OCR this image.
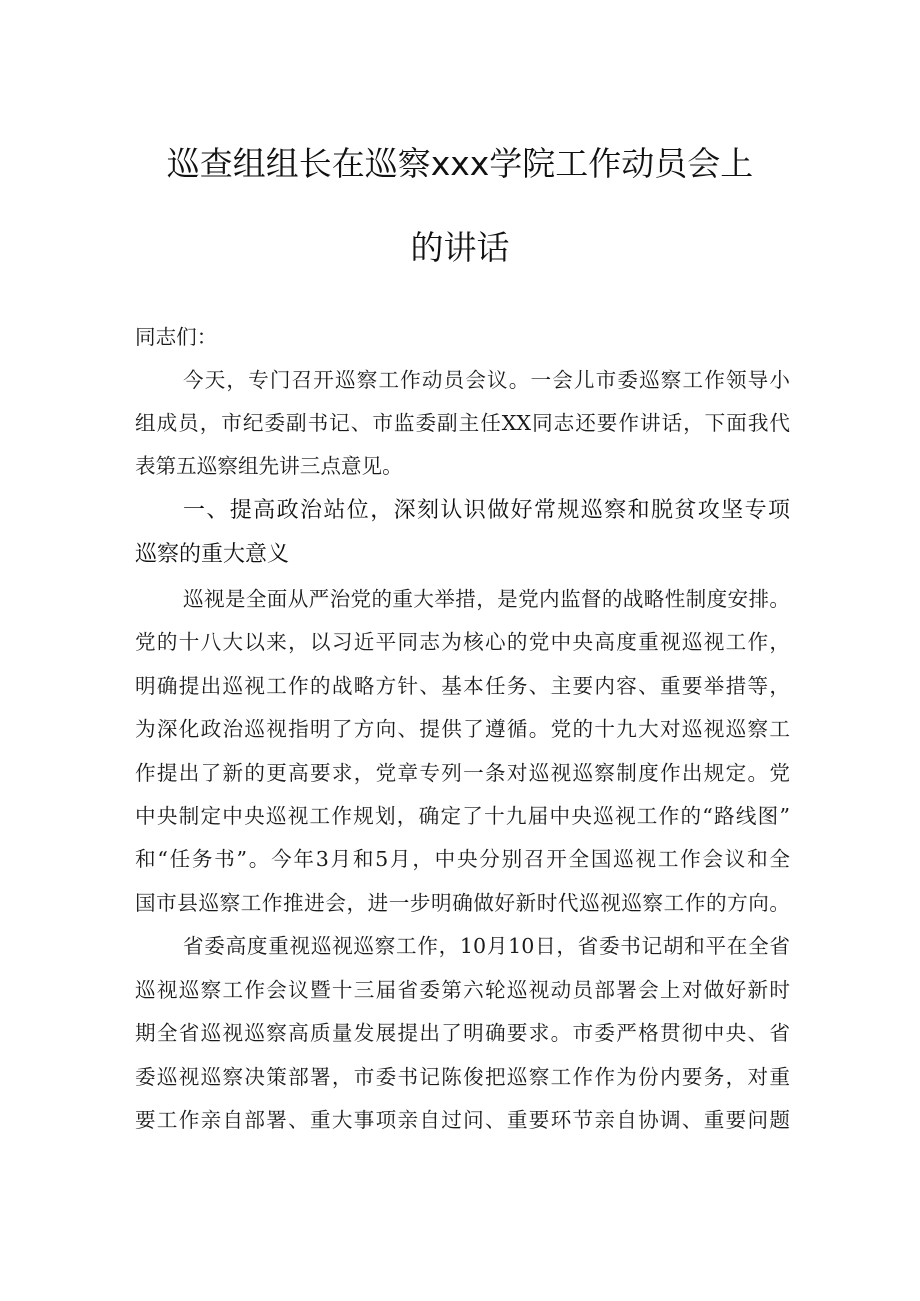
巡查组组长在巡察xxx学院工作动员会上
的讲话
同志们：
今天，专门召开巡察工作动员会议。一会儿市委巡察工作领导小
组成员，市纪委副书记、市监委副主任XX同志还要作讲话，下面我代
表第五巡察组先讲三点意见。
一、提高政治站位，深刻认识做好常规巡察和脱贫攻坚专项
巡察的重大意义
巡视是全面从严治党的重大举措，是党内监督的战略性制度安排。
党的十八大以来，以习近平同志为核心的党中央高度重视巡视工作，
明确提出巡视工作的战略方针、基本任务、主要内容、重要举措等，
为深化政治巡视指明了方向、提供了遵循。党的十九大对巡视巡察工
作提出了新的更高要求，党章专列一条对巡视巡察制度作出规定。党
中央制定中央巡视工作规划，确定了十九届中央巡视工作的“路线图”
和“任务书”。今年3月和5月，中央分别召开全国巡视工作会议和全
国市县巡察工作推进会，进一步明确做好新时代巡视巡察工作的方向。
省委高度重视巡视巡察工作，10月10日，省委书记胡和平在全省
巡视巡察工作会议暨十三届省委第六轮巡视动员部署会上对做好新时
期全省巡视巡察高质量发展提出了明确要求。市委严格贯彻中央、省
委巡视巡察决策部署，市委书记陈俊把巡察工作作为份内要务，对重
要工作亲自部署、重大事项亲自过问、重要环节亲自协调、重要问题
